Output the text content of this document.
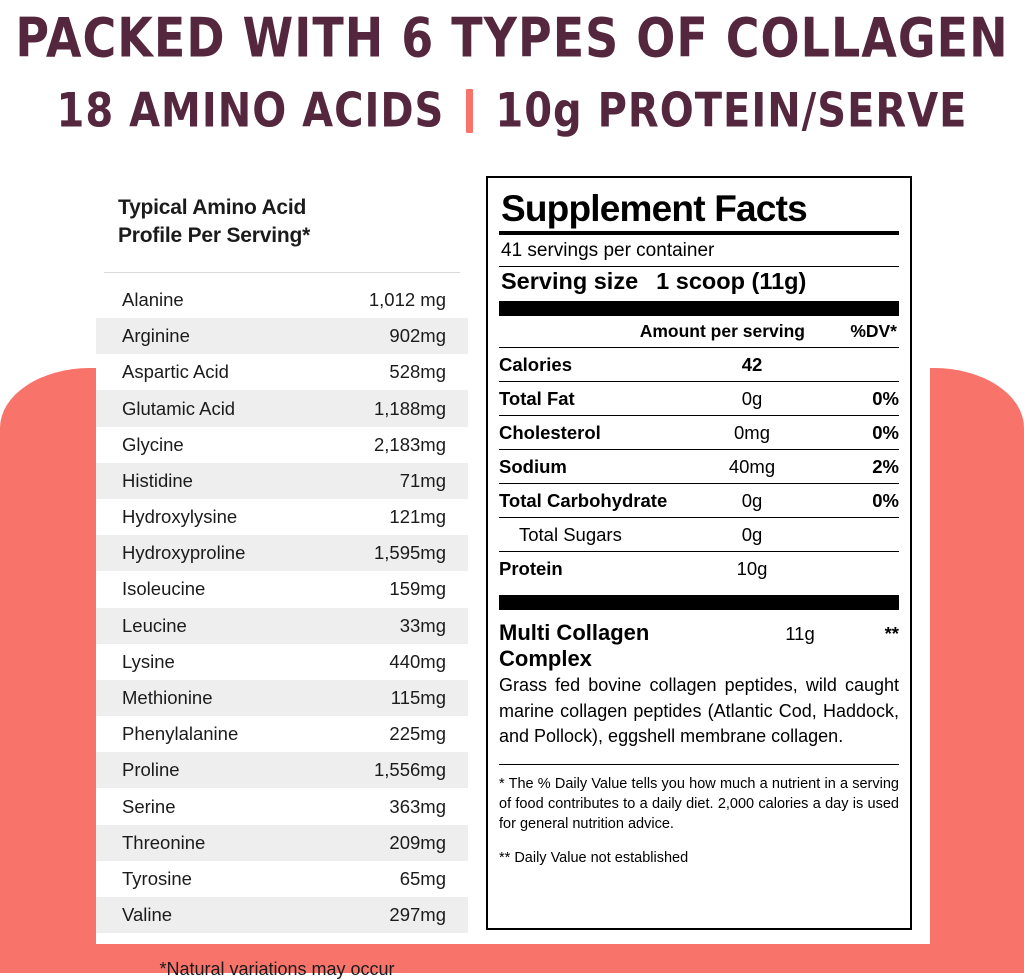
PACKED WITH 6 TYPES OF COLLAGEN
18 AMINO ACIDS 10g PROTEIN/SERVE
Typical Amino Acid
Profile Per Serving*
Alanine	1,012 mg
Arginine	902mg
Aspartic Acid	528mg
Glutamic Acid	1,188mg
Glycine	2,183mg
Histidine	71mg
Hydroxylysine	121mg
Hydroxyproline	1,595mg
Isoleucine	159mg
Leucine	33mg
Lysine	440mg
Methionine	115mg
Phenylalanine	225mg
Proline	1,556mg
Serine	363mg
Threonine	209mg
Tyrosine	65mg
Valine	297mg
*Natural variations may occur
Supplement Facts
41 servings per container
Serving size 1 scoop (11g)
Amount per serving	%DV*
Calories	42	
Total Fat	0g	0%
Cholesterol	0mg	0%
Sodium	40mg	2%
Total Carbohydrate	0g	0%
Total Sugars	0g	
Protein	10g	
Multi Collagen Complex
11g	**
Grass fed bovine collagen peptides, wild caught marine collagen peptides (Atlantic Cod, Haddock, and Pollock), eggshell membrane collagen.
* The % Daily Value tells you how much a nutrient in a serving of food contributes to a daily diet. 2,000 calories a day is used for general nutrition advice.
** Daily Value not established
